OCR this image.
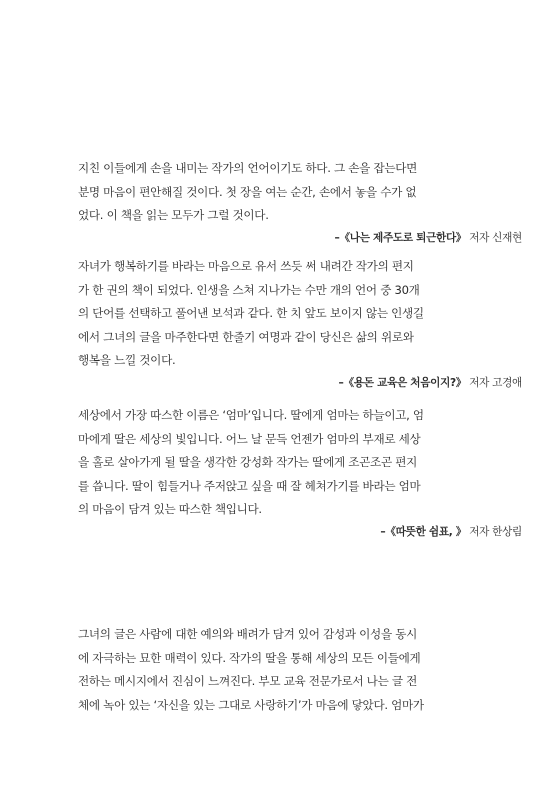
지친 이들에게 손을 내미는 작가의 언어이기도 하다. 그 손을 잡는다면
분명 마음이 편안해질 것이다. 첫 장을 여는 순간, 손에서 놓을 수가 없
었다. 이 책을 읽는 모두가 그럴 것이다.

–《나는 제주도로 퇴근한다》 저자 신재현

자녀가 행복하기를 바라는 마음으로 유서 쓰듯 써 내려간 작가의 편지
가 한 권의 책이 되었다. 인생을 스쳐 지나가는 수만 개의 언어 중 30개
의 단어를 선택하고 풀어낸 보석과 같다. 한 치 앞도 보이지 않는 인생길
에서 그녀의 글을 마주한다면 한줄기 여명과 같이 당신은 삶의 위로와
행복을 느낄 것이다.

–《용돈 교육은 처음이지?》 저자 고경애

세상에서 가장 따스한 이름은 ‘엄마’입니다. 딸에게 엄마는 하늘이고, 엄
마에게 딸은 세상의 빛입니다. 어느 날 문득 언젠가 엄마의 부재로 세상
을 홀로 살아가게 될 딸을 생각한 강성화 작가는 딸에게 조곤조곤 편지
를 씁니다. 딸이 힘들거나 주저앉고 싶을 때 잘 헤쳐가기를 바라는 엄마
의 마음이 담겨 있는 따스한 책입니다.

–《따뜻한 쉼표, 》 저자 한상림

그녀의 글은 사람에 대한 예의와 배려가 담겨 있어 감성과 이성을 동시
에 자극하는 묘한 매력이 있다. 작가의 딸을 통해 세상의 모든 이들에게
전하는 메시지에서 진심이 느껴진다. 부모 교육 전문가로서 나는 글 전
체에 녹아 있는 ‘자신을 있는 그대로 사랑하기’가 마음에 닿았다. 엄마가
